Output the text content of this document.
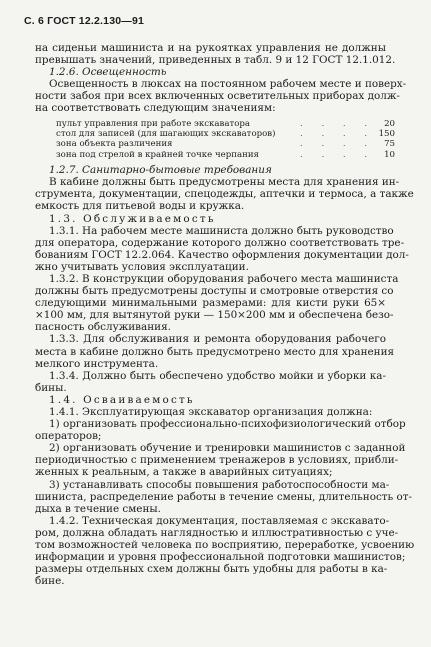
С. 6 ГОСТ 12.2.130—91
на сиденьи машиниста и на рукоятках управления не должны
превышать значений, приведенных в табл. 9 и 12 ГОСТ 12.1.012.
1.2.6. Освещенность
Освещенность в люксах на постоянном рабочем месте и поверх-
ности забоя при всех включенных осветительных приборах долж-
на соответствовать следующим значениям:
пульт управления при работе экскаватора	. . . . 20
стол для записей (для шагающих экскаваторов)	. . . . 150
зона объекта различения	. . . . 75
зона под стрелой в крайней точке черпания	. . . . 10
1.2.7. Санитарно-бытовые требования
В кабине должны быть предусмотрены места для хранения ин-
струмента, документации, спецодежды, аптечки и термоса, а также
емкость для питьевой воды и кружка.
1.3. Обслуживаемость
1.3.1. На рабочем месте машиниста должно быть руководство
для оператора, содержание которого должно соответствовать тре-
бованиям ГОСТ 12.2.064. Качество оформления документации дол-
жно учитывать условия эксплуатации.
1.3.2. В конструкции оборудования рабочего места машиниста
должны быть предусмотрены доступы и смотровые отверстия со
следующими минимальными размерами: для кисти руки 65×
×100 мм, для вытянутой руки — 150×200 мм и обеспечена безо-
пасность обслуживания.
1.3.3. Для обслуживания и ремонта оборудования рабочего
места в кабине должно быть предусмотрено место для хранения
мелкого инструмента.
1.3.4. Должно быть обеспечено удобство мойки и уборки ка-
бины.
1.4. Осваиваемость
1.4.1. Эксплуатирующая экскаватор организация должна:
1) организовать профессионально-психофизиологический отбор
операторов;
2) организовать обучение и тренировки машинистов с заданной
периодичностью с применением тренажеров в условиях, прибли-
женных к реальным, а также в аварийных ситуациях;
3) устанавливать способы повышения работоспособности ма-
шиниста, распределение работы в течение смены, длительность от-
дыха в течение смены.
1.4.2. Техническая документация, поставляемая с экскавато-
ром, должна обладать наглядностью и иллюстративностью с уче-
том возможностей человека по восприятию, переработке, усвоению
информации и уровня профессиональной подготовки машинистов;
размеры отдельных схем должны быть удобны для работы в ка-
бине.
